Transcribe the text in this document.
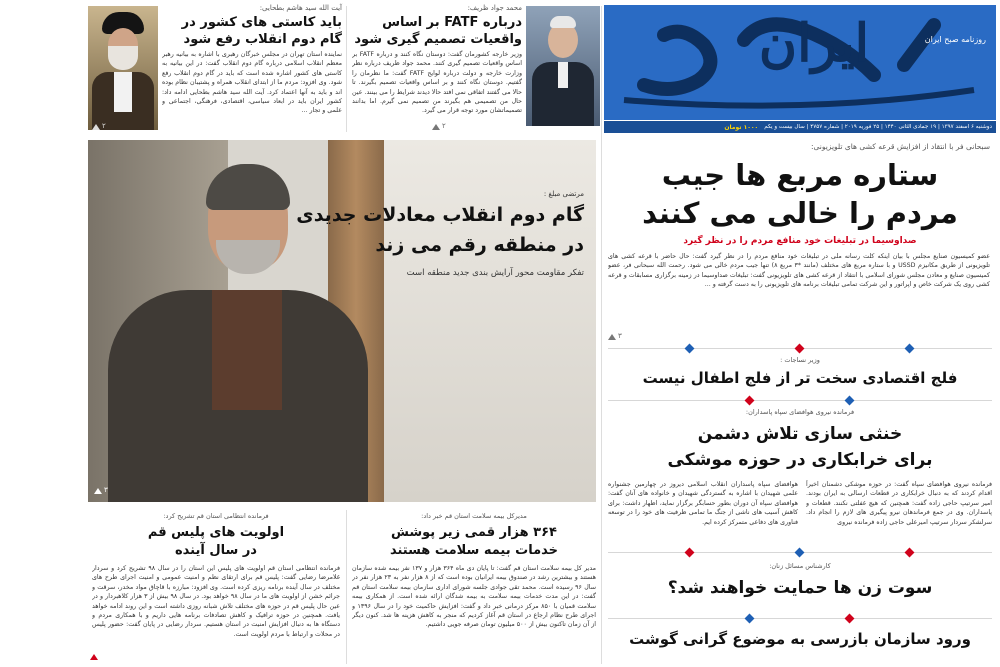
ایران	روزنامه صبح ایران
دوشنبه ۶ اسفند ۱۳۹۷ | ۱۹ جمادی الثانی ۱۴۴۰ | ۲۵ فوریه ۲۰۱۹ | شماره ۴۷۵۷ | سال بیست و یکم
۱۰۰۰ تومان
محمد جواد ظریف:
درباره FATF بر اساس واقعیات تصمیم گیری شود
وزیر خارجه کشورمان گفت: دوستان نگاه کنند و درباره FATF بر اساس واقعیات تصمیم گیری کنند. محمد جواد ظریف درباره نظر وزارت خارجه و دولت درباره لوایح FATF گفت: ما نظرمان را گفتیم. دوستان نگاه کنند و بر اساس واقعیات تصمیم بگیرند. تا حالا می گفتند اتفاقی نمی افتد حالا دیدند شرایط را می بینند. عین حال من تصمیمی هم بگیرند من تصمیم نمی گیرم. اما بدانند تصمیماتشان مورد توجه قرار می گیرد.
۲
آیت الله سید هاشم بطحایی:
باید کاستی های کشور در گام دوم انقلاب رفع شود
نماینده استان تهران در مجلس خبرگان رهبری با اشاره به بیانیه رهبر معظم انقلاب اسلامی درباره گام دوم انقلاب گفت: در این بیانیه به کاستی های کشور اشاره شده است که باید در گام دوم انقلاب رفع شود. وی افزود: مردم ما از ابتدای انقلاب همراه و پشتیبان نظام بوده اند و باید به آنها اعتماد کرد. آیت الله سید هاشم بطحایی ادامه داد: کشور ایران باید در ابعاد سیاسی، اقتصادی، فرهنگی، اجتماعی و علمی و تجار ...
۲
مرتضی مبلغ :
گام دوم انقلاب معادلات جدیدی
در منطقه رقم می زند
تفکر مقاومت محور آرایش بندی جدید منطقه است
۳
سبحانی فر با انتقاد از افزایش قرعه کشی های تلویزیونی:
ستاره مربع ها جیب
مردم را خالی می کنند
صداوسیما در تبلیغات خود منافع مردم را در نظر گیرد
عضو کمیسیون صنایع مجلس با بیان اینکه کلت رسانه ملی در تبلیغات خود منافع مردم را در نظر گیرد گفت: حال حاضر با قرعه کشی های تلویزیونی از طریق مکانیزم USSD و با ستاره مربع های مختلف (مانند *۳ مربع ۸) تنها جیب مردم خالی می شود. رحمت الله سبحانی فر، عضو کمیسیون صنایع و معادن مجلس شورای اسلامی با انتقاد از قرعه کشی های تلویزیونی گفت: تبلیغات صداوسیما در زمینه برگزاری مسابقات و قرعه کشی روی یک شرکت خاص و اپراتور و این شرکت تمامی تبلیغات برنامه های تلویزیونی را به دست گرفته و ...
۳
وزیر نساجات :
فلج اقتصادی سخت تر از فلج اطفال نیست
فرمانده نیروی هوافضای سپاه پاسداران:
خنثی سازی تلاش دشمن
برای خرابکاری در حوزه موشکی
فرمانده نیروی هوافضای سپاه گفت: در حوزه موشکی دشمنان اخیراً اقدام کردند که به دنبال خرابکاری در قطعات ارسالی به ایران بودند. امیر سرتیپ حاجی زاده گفت: همچنین که هیچ غفلتی نکنند. قطعات و پاسداران. وی در جمع فرماندهان نیرو پیگیری های لازم را انجام داد. سرلشکر سردار سرتیپ امیرعلی حاجی زاده فرمانده نیروی
هوافضای سپاه پاسداران انقلاب اسلامی دیروز در چهارمین جشنواره علمی شهیدان با اشاره به گستردگی شهیدان و خانواده های آنان گفت: هوافضای سپاه آن دوران بطور حسابگر برگزار نماید، اظهار داشت: برای کاهش آسیب های ناشی از جنگ ما تمامی ظرفیت های خود را در توسعه فناوری های دفاعی متمرکز کرده ایم.
کارشناس مسائل زنان:
سوت زن ها حمایت خواهند شد؟
ورود سازمان بازرسی به موضوع گرانی گوشت
مدیرکل بیمه سلامت استان قم خبر داد:
۳۶۴ هزار قمی زیر پوشش
خدمات بیمه سلامت هستند
مدیر کل بیمه سلامت استان قم گفت: تا پایان دی ماه ۳۶۴ هزار و ۱۳۷ نفر بیمه شده سازمان هستند و بیشترین رشد در صندوق بیمه ایرانیان بوده است که از ۸ هزار نفر به ۲۳ هزار نفر در سال ۹۶ رسیده است. محمد تقی جوادی جلسه شورای اداری سازمان بیمه سلامت استان قم گفت: در این مدت خدمات بیمه سلامت به بیمه شدگان ارائه شده است. از همکاری بیمه سلامت قمیان با ۸۵۰ مرکز درمانی خبر داد و گفت: افزایش حاکمیت خود را در سال ۱۳۹۶ و اجرای طرح نظام ارجاع در استان قم آغاز کردیم که منجر به کاهش هزینه ها شد. کنون دیگر از آن زمان تاکنون بیش از ۵۰۰ میلیون تومان صرفه جویی داشتیم.
فرمانده انتظامی استان قم تشریح کرد:
اولویت های پلیس قم
در سال آینده
فرمانده انتظامی استان قم اولویت های پلیس این استان را در سال ۹۸ تشریح کرد و سردار غلامرضا رضایی گفت: پلیس قم برای ارتقای نظم و امنیت عمومی و امنیت اجرای طرح های مختلف در سال آینده برنامه ریزی کرده است. وی افزود: مبارزه با قاچاق مواد مخدر، سرقت و جرائم خشن از اولویت های ما در سال ۹۸ خواهد بود. در سال ۹۸ بیش از ۳ هزار کلاهبردار و در عین حال پلیس قم در حوزه های مختلف تلاش شبانه روزی داشته است و این روند ادامه خواهد یافت. همچنین در حوزه ترافیک و کاهش تصادفات برنامه هایی داریم و با همکاری مردم و دستگاه ها به دنبال افزایش امنیت در استان هستیم. سردار رضایی در پایان گفت: حضور پلیس در محلات و ارتباط با مردم اولویت است.
